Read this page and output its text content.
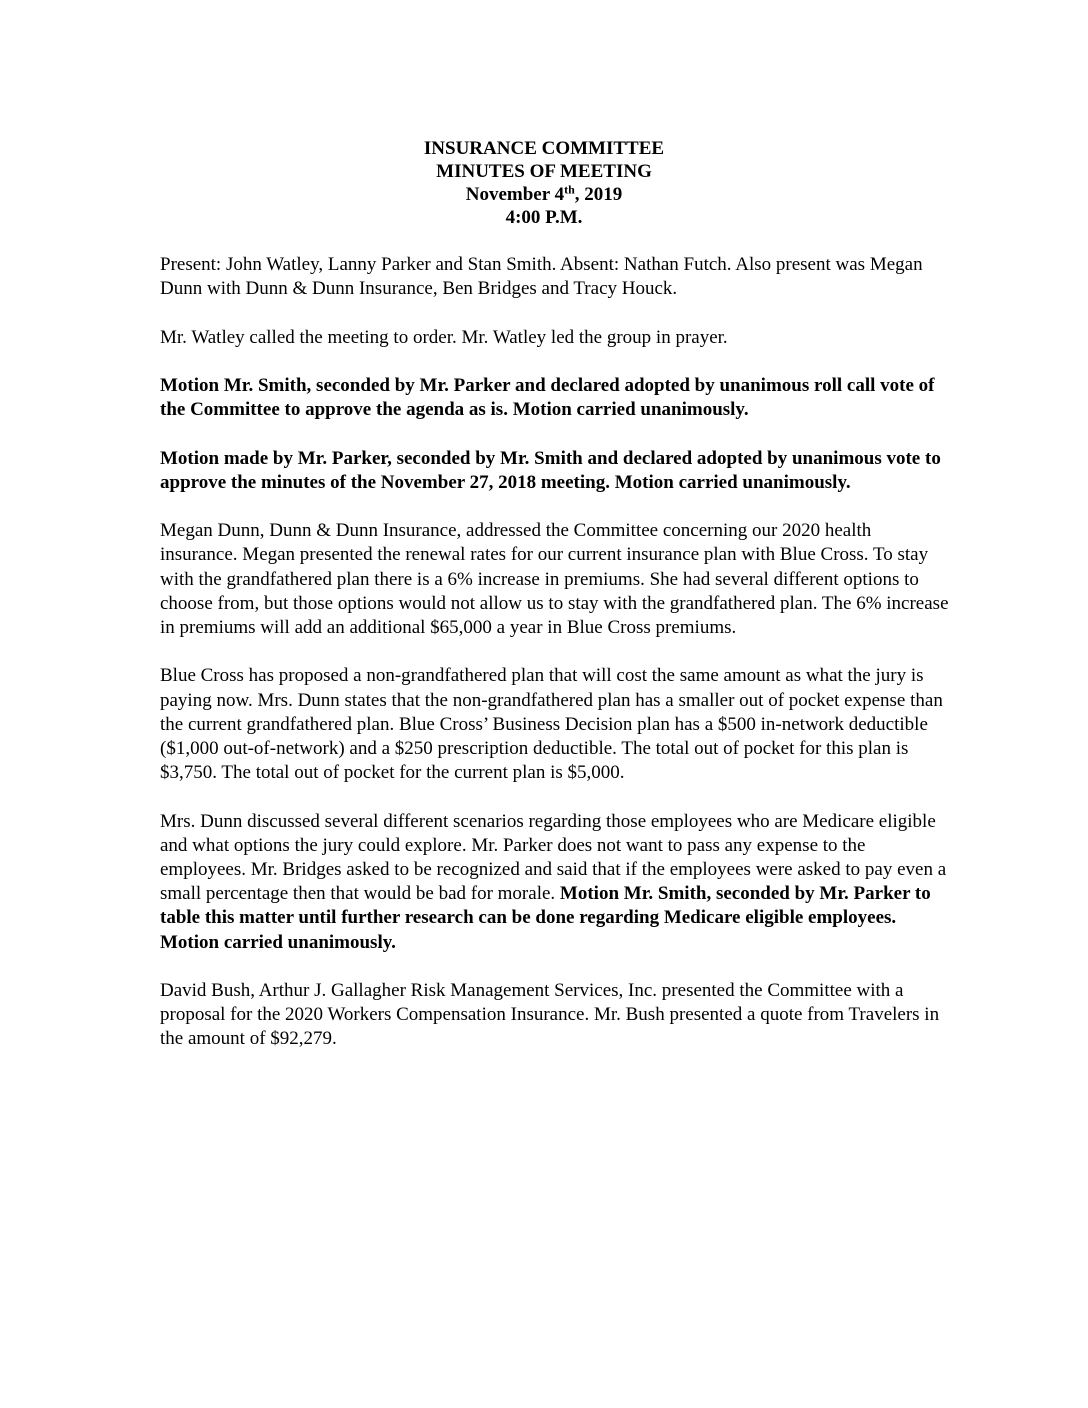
INSURANCE COMMITTEE
MINUTES OF MEETING
November 4th, 2019
4:00 P.M.

Present: John Watley, Lanny Parker and Stan Smith. Absent: Nathan Futch. Also present was Megan Dunn with Dunn & Dunn Insurance, Ben Bridges and Tracy Houck.

Mr. Watley called the meeting to order. Mr. Watley led the group in prayer.

Motion Mr. Smith, seconded by Mr. Parker and declared adopted by unanimous roll call vote of the Committee to approve the agenda as is. Motion carried unanimously.

Motion made by Mr. Parker, seconded by Mr. Smith and declared adopted by unanimous vote to approve the minutes of the November 27, 2018 meeting. Motion carried unanimously.

Megan Dunn, Dunn & Dunn Insurance, addressed the Committee concerning our 2020 health insurance. Megan presented the renewal rates for our current insurance plan with Blue Cross. To stay with the grandfathered plan there is a 6% increase in premiums. She had several different options to choose from, but those options would not allow us to stay with the grandfathered plan. The 6% increase in premiums will add an additional $65,000 a year in Blue Cross premiums.

Blue Cross has proposed a non-grandfathered plan that will cost the same amount as what the jury is paying now. Mrs. Dunn states that the non-grandfathered plan has a smaller out of pocket expense than the current grandfathered plan. Blue Cross’ Business Decision plan has a $500 in-network deductible ($1,000 out-of-network) and a $250 prescription deductible. The total out of pocket for this plan is $3,750. The total out of pocket for the current plan is $5,000.

Mrs. Dunn discussed several different scenarios regarding those employees who are Medicare eligible and what options the jury could explore. Mr. Parker does not want to pass any expense to the employees. Mr. Bridges asked to be recognized and said that if the employees were asked to pay even a small percentage then that would be bad for morale. Motion Mr. Smith, seconded by Mr. Parker to table this matter until further research can be done regarding Medicare eligible employees. Motion carried unanimously.

David Bush, Arthur J. Gallagher Risk Management Services, Inc. presented the Committee with a proposal for the 2020 Workers Compensation Insurance. Mr. Bush presented a quote from Travelers in the amount of $92,279.
